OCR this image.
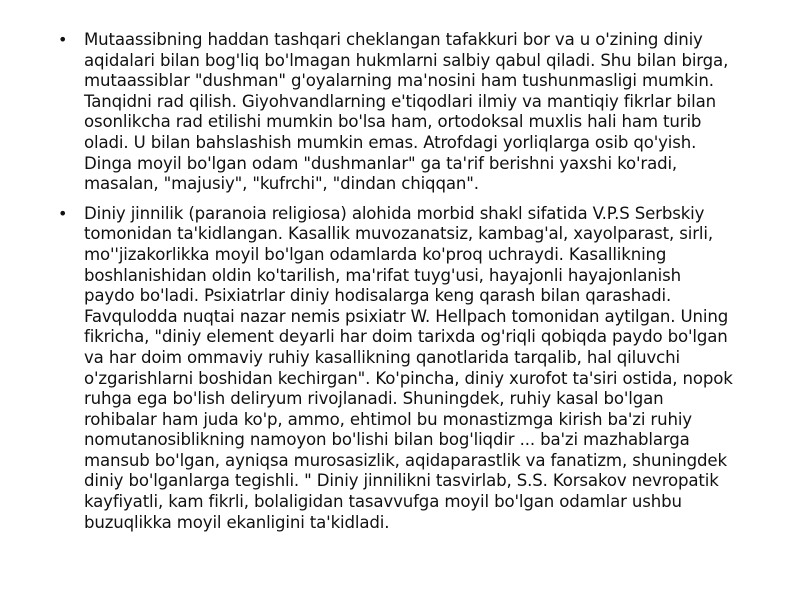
• Mutaassibning haddan tashqari cheklangan tafakkuri bor va u o'zining diniy aqidalari bilan bog'liq bo'lmagan hukmlarni salbiy qabul qiladi. Shu bilan birga, mutaassiblar "dushman" g'oyalarning ma'nosini ham tushunmasligi mumkin. Tanqidni rad qilish. Giyohvandlarning e'tiqodlari ilmiy va mantiqiy fikrlar bilan osonlikcha rad etilishi mumkin bo'lsa ham, ortodoksal muxlis hali ham turib oladi. U bilan bahslashish mumkin emas. Atrofdagi yorliqlarga osib qo'yish. Dinga moyil bo'lgan odam "dushmanlar" ga ta'rif berishni yaxshi ko'radi, masalan, "majusiy", "kufrchi", "dindan chiqqan".
• Diniy jinnilik (paranoia religiosa) alohida morbid shakl sifatida V.P.S Serbskiy tomonidan ta'kidlangan. Kasallik muvozanatsiz, kambag'al, xayolparast, sirli, mo''jizakorlikka moyil bo'lgan odamlarda ko'proq uchraydi. Kasallikning boshlanishidan oldin ko'tarilish, ma'rifat tuyg'usi, hayajonli hayajonlanish paydo bo'ladi. Psixiatrlar diniy hodisalarga keng qarash bilan qarashadi. Favqulodda nuqtai nazar nemis psixiatr W. Hellpach tomonidan aytilgan. Uning fikricha, "diniy element deyarli har doim tarixda og'riqli qobiqda paydo bo'lgan va har doim ommaviy ruhiy kasallikning qanotlarida tarqalib, hal qiluvchi o'zgarishlarni boshidan kechirgan". Ko'pincha, diniy xurofot ta'siri ostida, nopok ruhga ega bo'lish deliryum rivojlanadi. Shuningdek, ruhiy kasal bo'lgan rohibalar ham juda ko'p, ammo, ehtimol bu monastizmga kirish ba'zi ruhiy nomutanosiblikning namoyon bo'lishi bilan bog'liqdir ... ba'zi mazhablarga mansub bo'lgan, ayniqsa murosasizlik, aqidaparastlik va fanatizm, shuningdek diniy bo'lganlarga tegishli. " Diniy jinnilikni tasvirlab, S.S. Korsakov nevropatik kayfiyatli, kam fikrli, bolaligidan tasavvufga moyil bo'lgan odamlar ushbu buzuqlikka moyil ekanligini ta'kidladi.
